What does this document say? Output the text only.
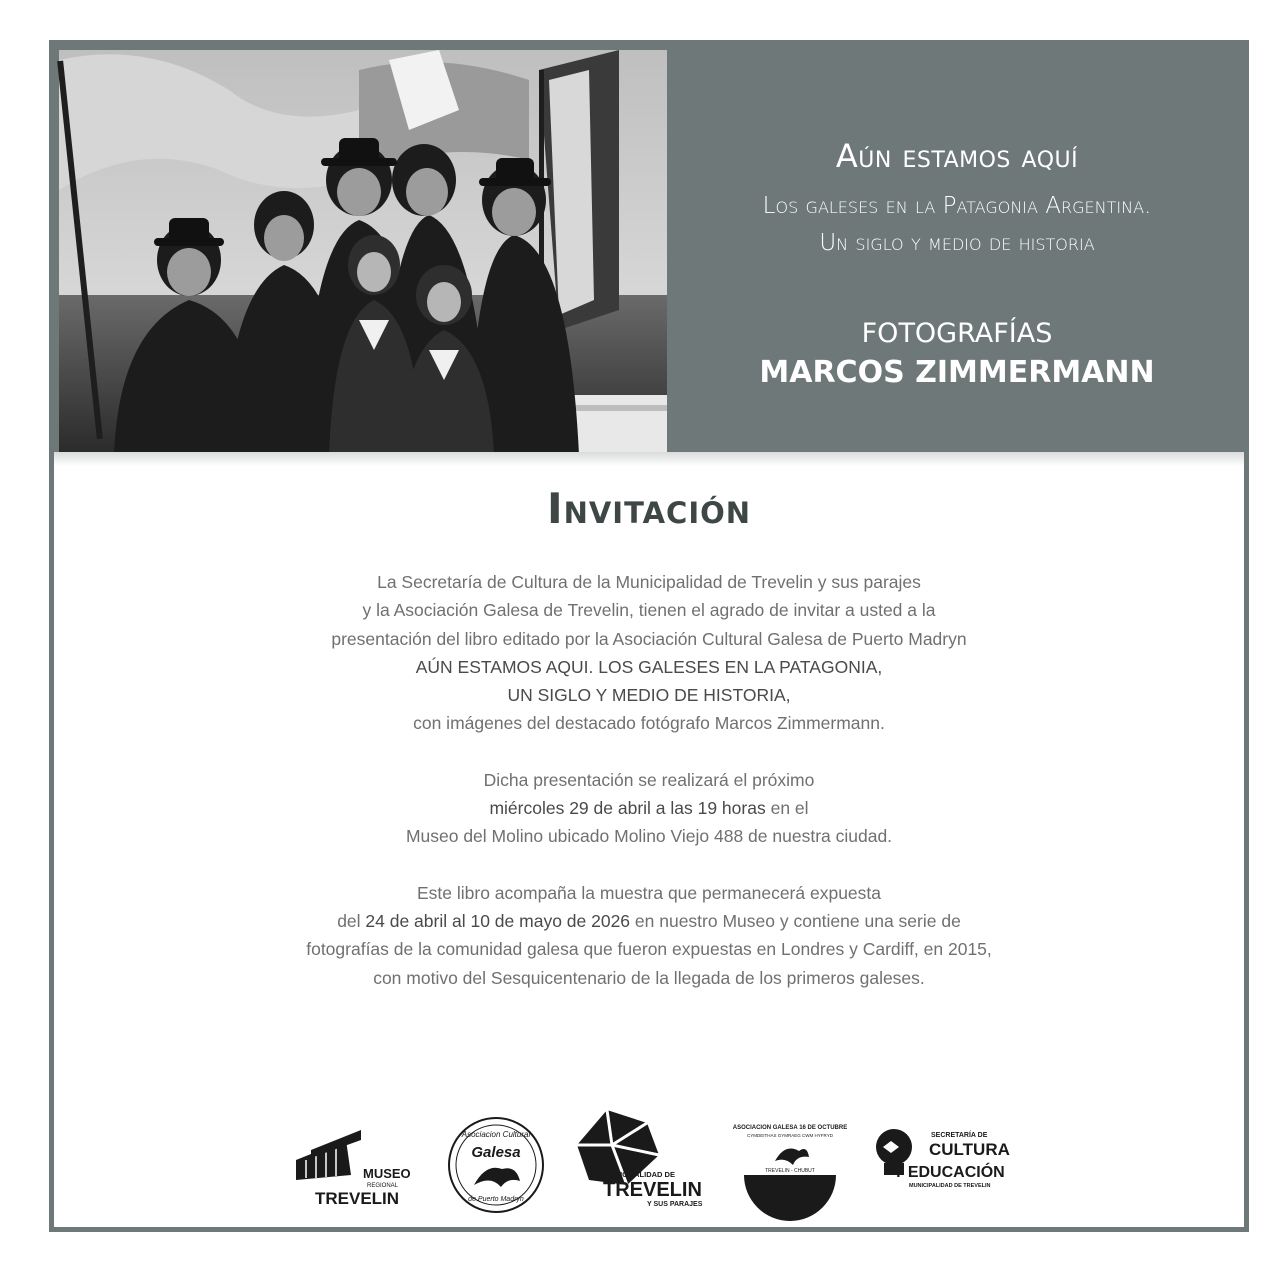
Aún estamos aquí
Los galeses en la Patagonia Argentina.
Un siglo y medio de historia
FOTOGRAFÍAS
MARCOS ZIMMERMANN
Invitación
La Secretaría de Cultura de la Municipalidad de Trevelin y sus parajes
y la Asociación Galesa de Trevelin, tienen el agrado de invitar a usted a la
presentación del libro editado por la Asociación Cultural Galesa de Puerto Madryn
AÚN ESTAMOS AQUI. LOS GALESES EN LA PATAGONIA,
UN SIGLO Y MEDIO DE HISTORIA,
con imágenes del destacado fotógrafo Marcos Zimmermann.
Dicha presentación se realizará el próximo
miércoles 29 de abril a las 19 horas en el
Museo del Molino ubicado Molino Viejo 488 de nuestra ciudad.
Este libro acompaña la muestra que permanecerá expuesta
del 24 de abril al 10 de mayo de 2026 en nuestro Museo y contiene una serie de
fotografías de la comunidad galesa que fueron expuestas en Londres y Cardiff, en 2015,
con motivo del Sesquicentenario de la llegada de los primeros galeses.
MUSEO
REGIONAL
TREVELIN
Asociacion Cultural
Galesa
de Puerto Madryn
MUNICIPALIDAD DE
TREVELIN
Y SUS PARAJES
ASOCIACION GALESA 16 DE OCTUBRE
CYMDEITHAS GYMRAEG CWM HYFRYD
TREVELIN - CHUBUT
SECRETARÍA DE
CULTURA
Y EDUCACIÓN
MUNICIPALIDAD DE TREVELIN
